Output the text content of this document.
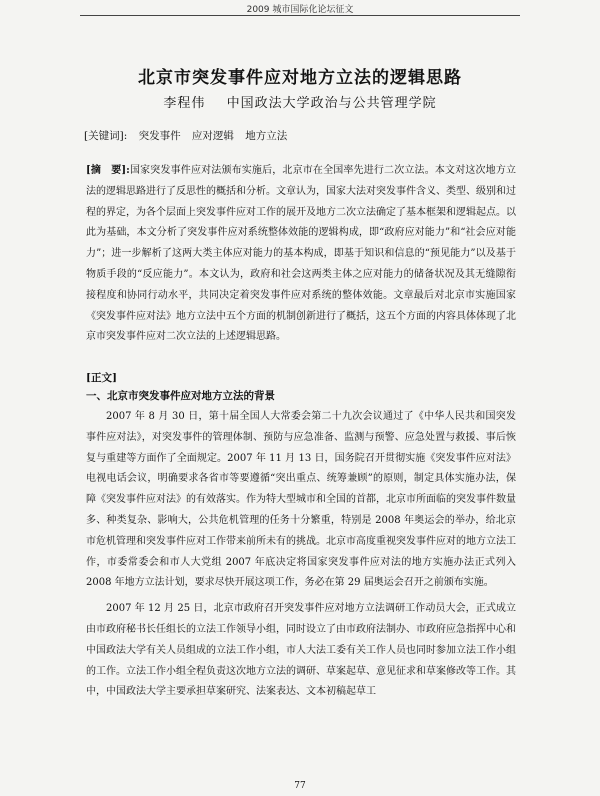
2009 城市国际化论坛征文
北京市突发事件应对地方立法的逻辑思路
李程伟 中国政法大学政治与公共管理学院
[关键词]: 突发事件 应对逻辑 地方立法
[摘　要]:国家突发事件应对法颁布实施后，北京市在全国率先进行二次立法。本文对这次地方立法的逻辑思路进行了反思性的概括和分析。文章认为，国家大法对突发事件含义、类型、级别和过程的界定，为各个层面上突发事件应对工作的展开及地方二次立法确定了基本框架和逻辑起点。以此为基础，本文分析了突发事件应对系统整体效能的逻辑构成，即“政府应对能力”和“社会应对能力”；进一步解析了这两大类主体应对能力的基本构成，即基于知识和信息的“预见能力”以及基于物质手段的“反应能力”。本文认为，政府和社会这两类主体之应对能力的储备状况及其无缝隙衔接程度和协同行动水平，共同决定着突发事件应对系统的整体效能。文章最后对北京市实施国家《突发事件应对法》地方立法中五个方面的机制创新进行了概括，这五个方面的内容具体体现了北京市突发事件应对二次立法的上述逻辑思路。
[正文]
一、北京市突发事件应对地方立法的背景

2007 年 8 月 30 日，第十届全国人大常委会第二十九次会议通过了《中华人民共和国突发事件应对法》，对突发事件的管理体制、预防与应急准备、监测与预警、应急处置与救援、事后恢复与重建等方面作了全面规定。2007 年 11 月 13 日，国务院召开贯彻实施《突发事件应对法》电视电话会议，明确要求各省市等要遵循“突出重点、统筹兼顾”的原则，制定具体实施办法，保障《突发事件应对法》的有效落实。作为特大型城市和全国的首都，北京市所面临的突发事件数量多、种类复杂、影响大，公共危机管理的任务十分繁重，特别是 2008 年奥运会的举办，给北京市危机管理和突发事件应对工作带来前所未有的挑战。北京市高度重视突发事件应对的地方立法工作，市委常委会和市人大党组 2007 年底决定将国家突发事件应对法的地方实施办法正式列入 2008 年地方立法计划，要求尽快开展这项工作，务必在第 29 届奥运会召开之前颁布实施。

2007 年 12 月 25 日，北京市政府召开突发事件应对地方立法调研工作动员大会，正式成立由市政府秘书长任组长的立法工作领导小组，同时设立了由市政府法制办、市政府应急指挥中心和中国政法大学有关人员组成的立法工作小组，市人大法工委有关工作人员也同时参加立法工作小组的工作。立法工作小组全程负责这次地方立法的调研、草案起草、意见征求和草案修改等工作。其中，中国政法大学主要承担草案研究、法案表达、文本初稿起草工

77
